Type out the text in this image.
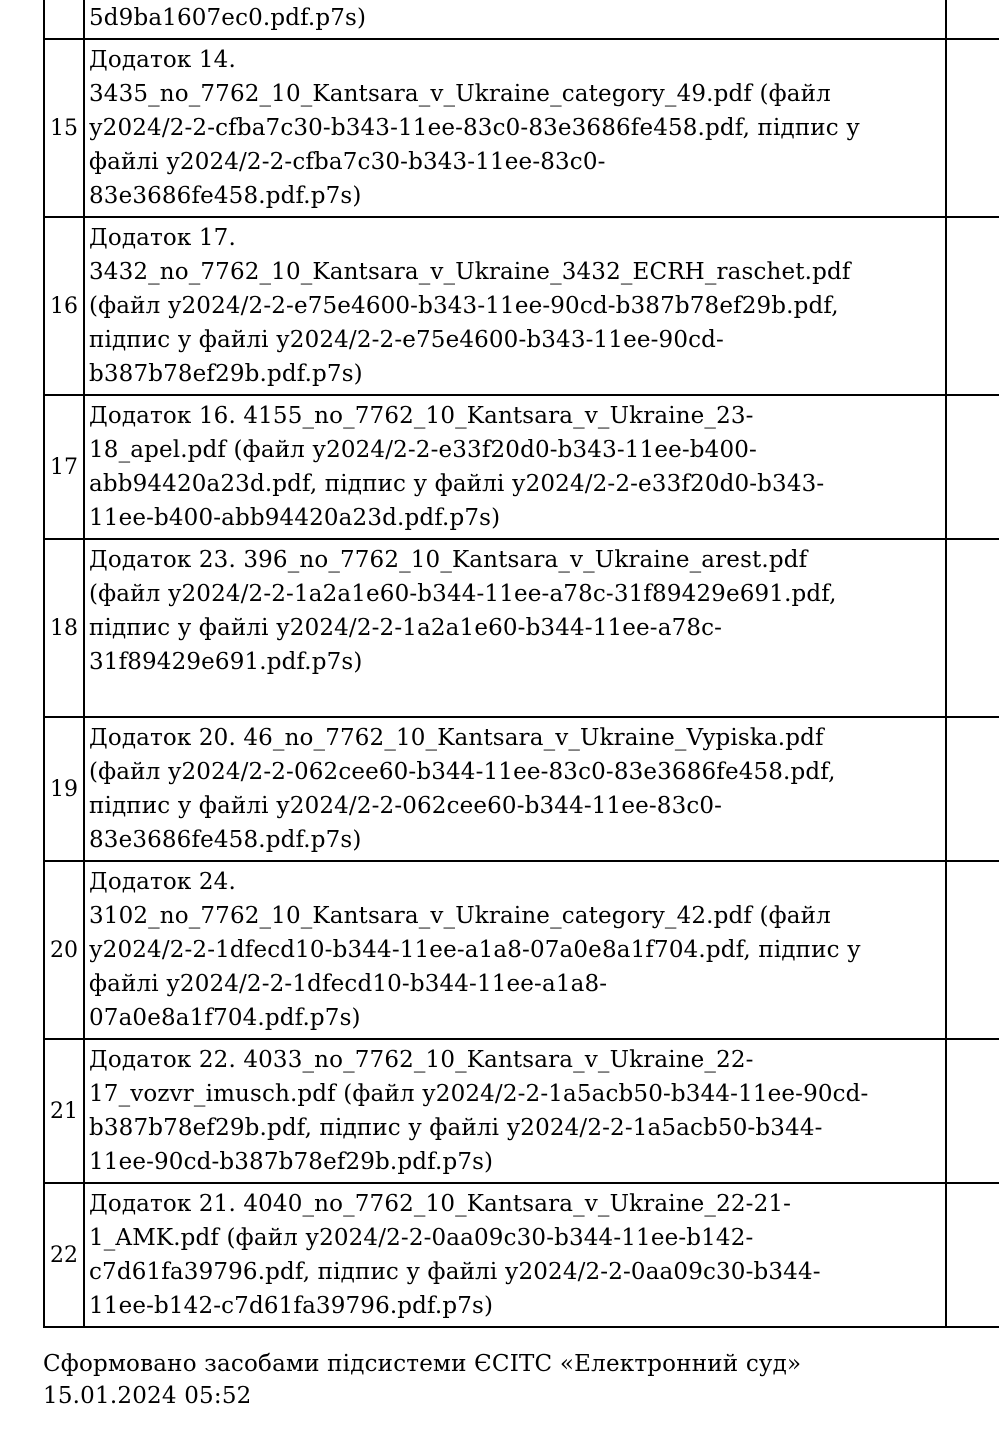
	5d9ba1607ec0.pdf.p7s)	

15	Додаток 14.
3435_no_7762_10_Kantsara_v_Ukraine_category_49.pdf (файл
у2024/2-2-cfba7c30-b343-11ee-83c0-83e3686fe458.pdf, підпис у
файлі у2024/2-2-cfba7c30-b343-11ee-83c0-
83e3686fe458.pdf.p7s)	

16	Додаток 17.
3432_no_7762_10_Kantsara_v_Ukraine_3432_ECRH_raschet.pdf
(файл у2024/2-2-e75e4600-b343-11ee-90cd-b387b78ef29b.pdf,
підпис у файлі у2024/2-2-e75e4600-b343-11ee-90cd-
b387b78ef29b.pdf.p7s)	

17	Додаток 16. 4155_no_7762_10_Kantsara_v_Ukraine_23-
18_apel.pdf (файл у2024/2-2-e33f20d0-b343-11ee-b400-
abb94420a23d.pdf, підпис у файлі у2024/2-2-e33f20d0-b343-
11ee-b400-abb94420a23d.pdf.p7s)	

18	Додаток 23. 396_no_7762_10_Kantsara_v_Ukraine_arest.pdf
(файл у2024/2-2-1a2a1e60-b344-11ee-a78c-31f89429e691.pdf,
підпис у файлі у2024/2-2-1a2a1e60-b344-11ee-a78c-
31f89429e691.pdf.p7s)	

19	Додаток 20. 46_no_7762_10_Kantsara_v_Ukraine_Vypiska.pdf
(файл у2024/2-2-062cee60-b344-11ee-83c0-83e3686fe458.pdf,
підпис у файлі у2024/2-2-062cee60-b344-11ee-83c0-
83e3686fe458.pdf.p7s)	

20	Додаток 24.
3102_no_7762_10_Kantsara_v_Ukraine_category_42.pdf (файл
у2024/2-2-1dfecd10-b344-11ee-a1a8-07a0e8a1f704.pdf, підпис у
файлі у2024/2-2-1dfecd10-b344-11ee-a1a8-
07a0e8a1f704.pdf.p7s)	

21	Додаток 22. 4033_no_7762_10_Kantsara_v_Ukraine_22-
17_vozvr_imusch.pdf (файл у2024/2-2-1a5acb50-b344-11ee-90cd-
b387b78ef29b.pdf, підпис у файлі у2024/2-2-1a5acb50-b344-
11ee-90cd-b387b78ef29b.pdf.p7s)	

22	Додаток 21. 4040_no_7762_10_Kantsara_v_Ukraine_22-21-
1_AMK.pdf (файл у2024/2-2-0aa09c30-b344-11ee-b142-
c7d61fa39796.pdf, підпис у файлі у2024/2-2-0aa09c30-b344-
11ee-b142-c7d61fa39796.pdf.p7s)	

Сформовано засобами підсистеми ЄСІТС «Електронний суд»
15.01.2024 05:52
